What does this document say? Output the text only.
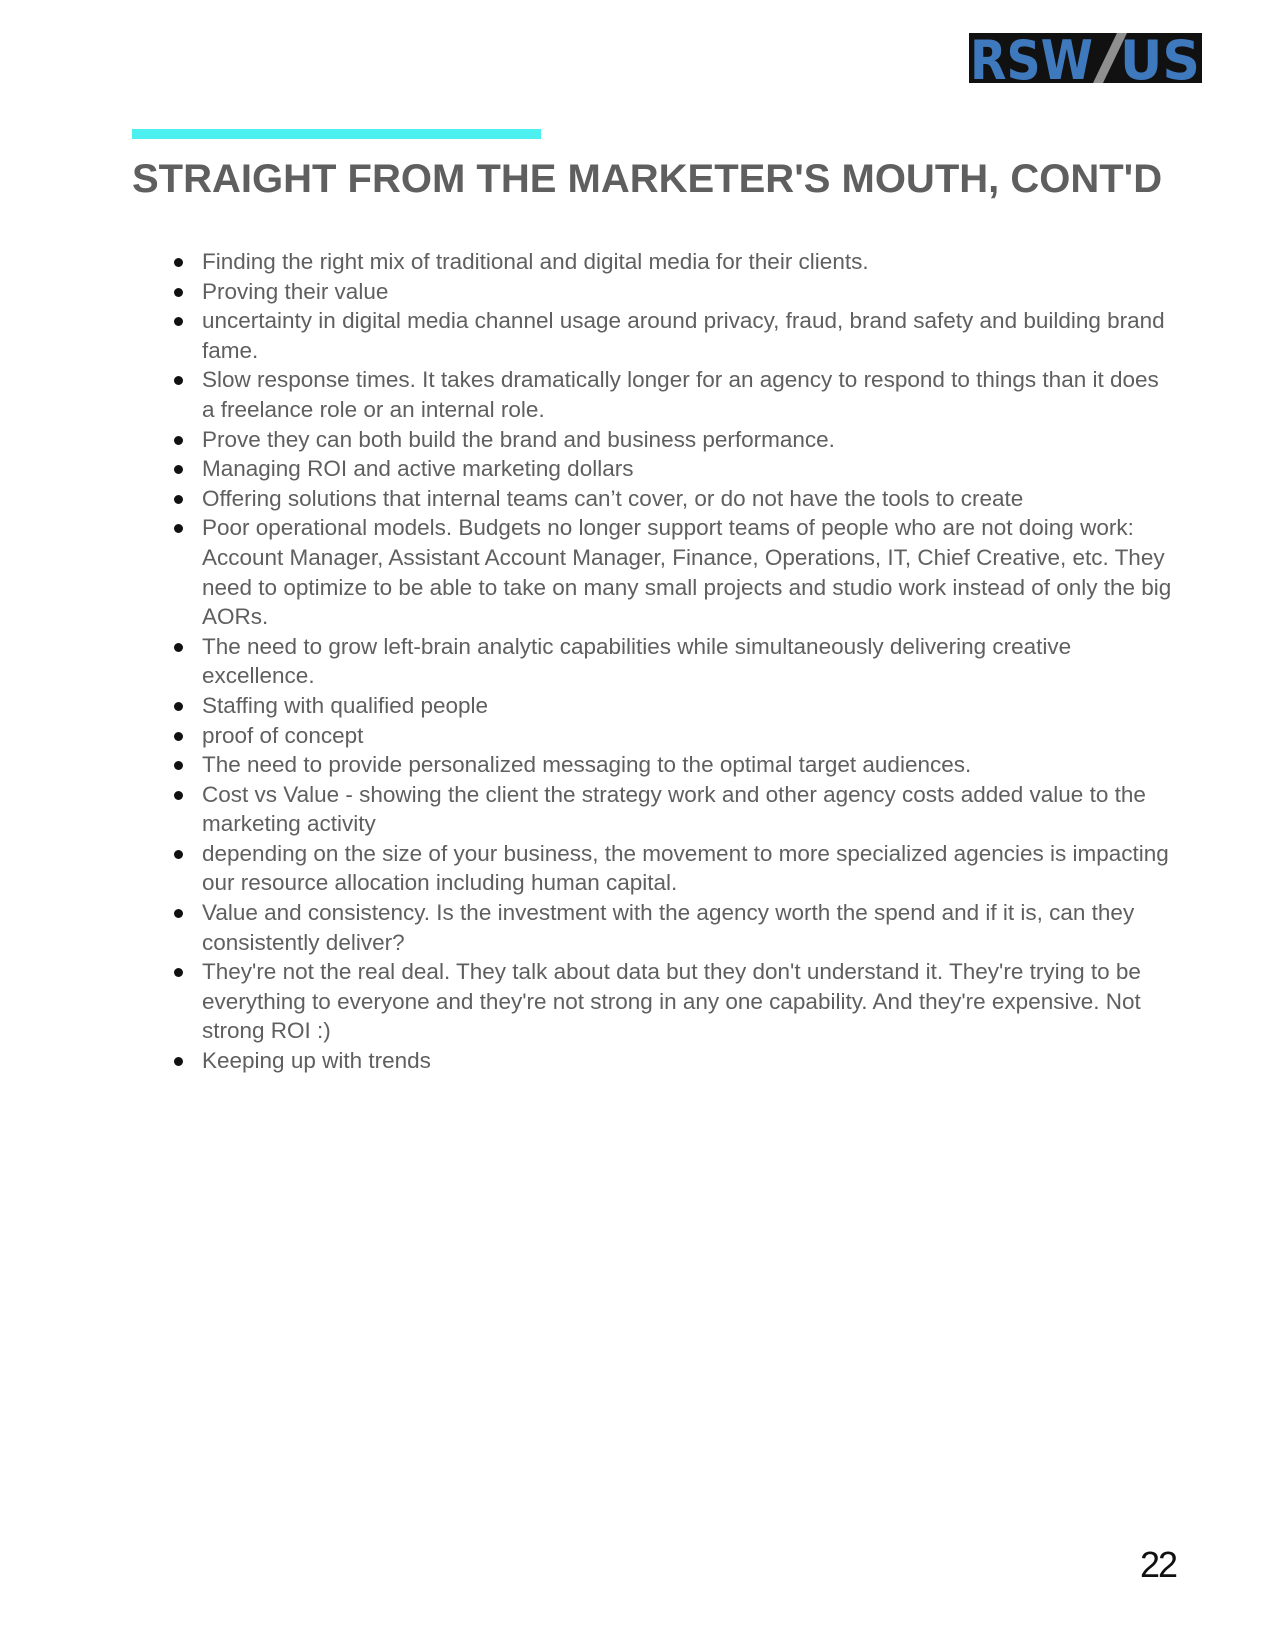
RSW US
STRAIGHT FROM THE MARKETER'S MOUTH, CONT'D
Finding the right mix of traditional and digital media for their clients.
Proving their value
uncertainty in digital media channel usage around privacy, fraud, brand safety and building brand fame.
Slow response times. It takes dramatically longer for an agency to respond to things than it does a freelance role or an internal role.
Prove they can both build the brand and business performance.
Managing ROI and active marketing dollars
Offering solutions that internal teams can’t cover, or do not have the tools to create
Poor operational models. Budgets no longer support teams of people who are not doing work: Account Manager, Assistant Account Manager, Finance, Operations, IT, Chief Creative, etc. They need to optimize to be able to take on many small projects and studio work instead of only the big AORs.
The need to grow left-brain analytic capabilities while simultaneously delivering creative excellence.
Staffing with qualified people
proof of concept
The need to provide personalized messaging to the optimal target audiences.
Cost vs Value - showing the client the strategy work and other agency costs added value to the marketing activity
depending on the size of your business, the movement to more specialized agencies is impacting our resource allocation including human capital.
Value and consistency. Is the investment with the agency worth the spend and if it is, can they consistently deliver?
They're not the real deal. They talk about data but they don't understand it. They're trying to be everything to everyone and they're not strong in any one capability. And they're expensive. Not strong ROI :)
Keeping up with trends
22
